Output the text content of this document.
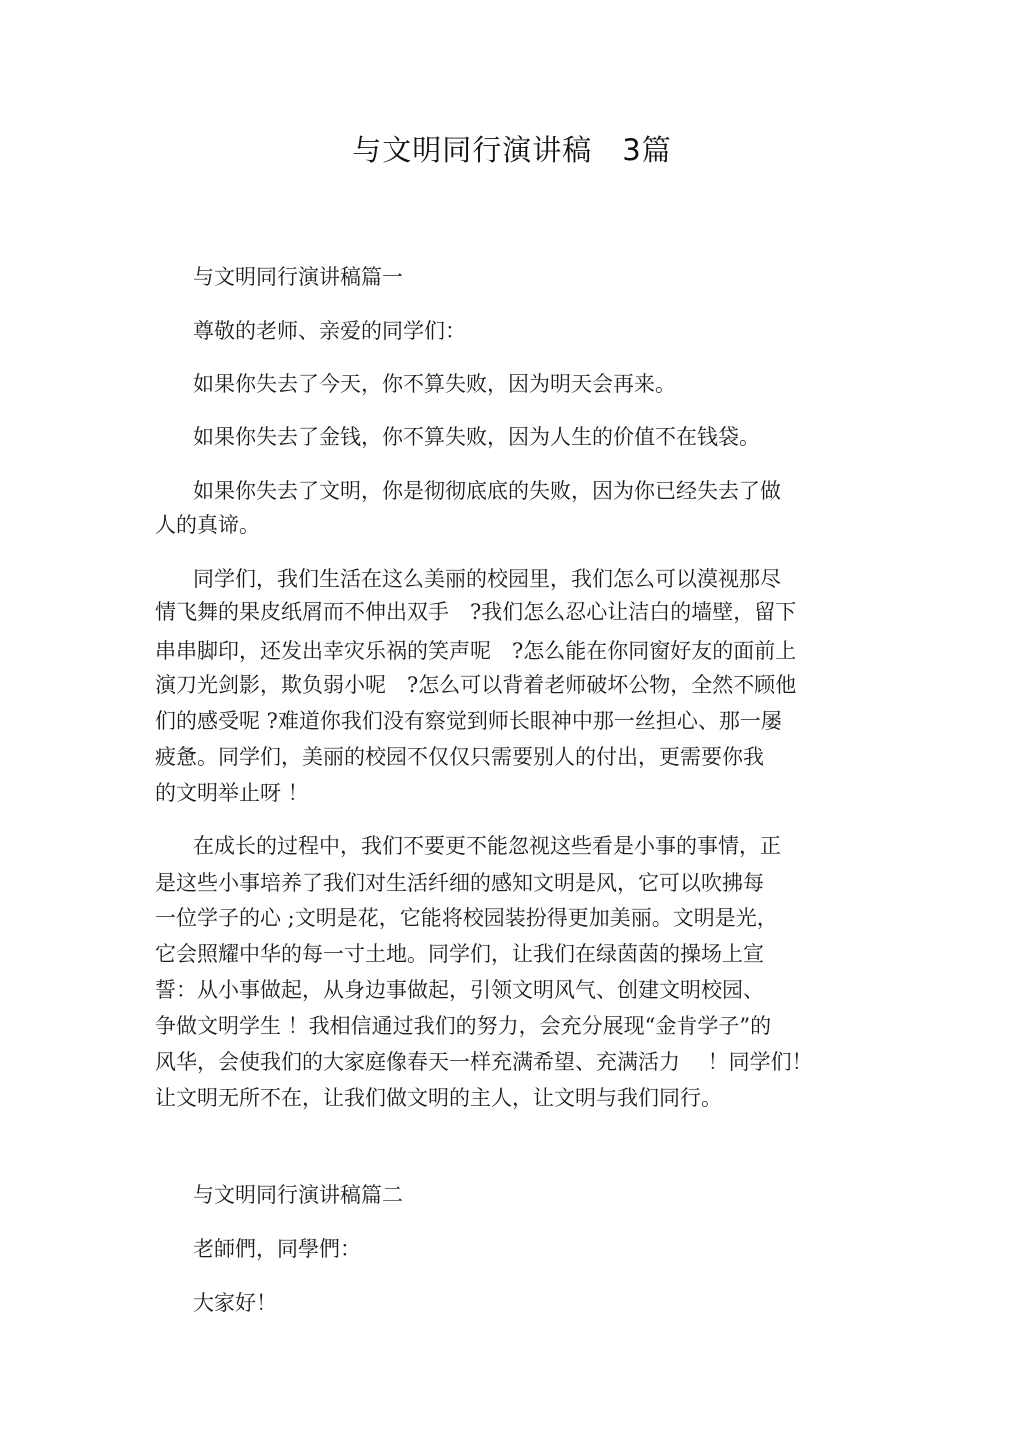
与文明同行演讲稿　3篇
与文明同行演讲稿篇一
尊敬的老师、亲爱的同学们：
如果你失去了今天，你不算失败，因为明天会再来。
如果你失去了金钱，你不算失败，因为人生的价值不在钱袋。
如果你失去了文明，你是彻彻底底的失败，因为你已经失去了做
人的真谛。
同学们，我们生活在这么美丽的校园里，我们怎么可以漠视那尽
情飞舞的果皮纸屑而不伸出双手　?我们怎么忍心让洁白的墙壁，留下
串串脚印，还发出幸灾乐祸的笑声呢　?怎么能在你同窗好友的面前上
演刀光剑影，欺负弱小呢　?怎么可以背着老师破坏公物，全然不顾他
们的感受呢 ?难道你我们没有察觉到师长眼神中那一丝担心、那一屡
疲惫。同学们，美丽的校园不仅仅只需要别人的付出，更需要你我
的文明举止呀 ！
在成长的过程中，我们不要更不能忽视这些看是小事的事情，正
是这些小事培养了我们对生活纤细的感知文明是风，它可以吹拂每
一位学子的心 ;文明是花，它能将校园装扮得更加美丽。文明是光，
它会照耀中华的每一寸土地。同学们，让我们在绿茵茵的操场上宣
誓：从小事做起，从身边事做起，引领文明风气、创建文明校园、
争做文明学生 ！我相信通过我们的努力，会充分展现“金肯学子”的
风华，会使我们的大家庭像春天一样充满希望、充满活力　 ！同学们！
让文明无所不在，让我们做文明的主人，让文明与我们同行。
与文明同行演讲稿篇二
老師們，同學們：
大家好！
